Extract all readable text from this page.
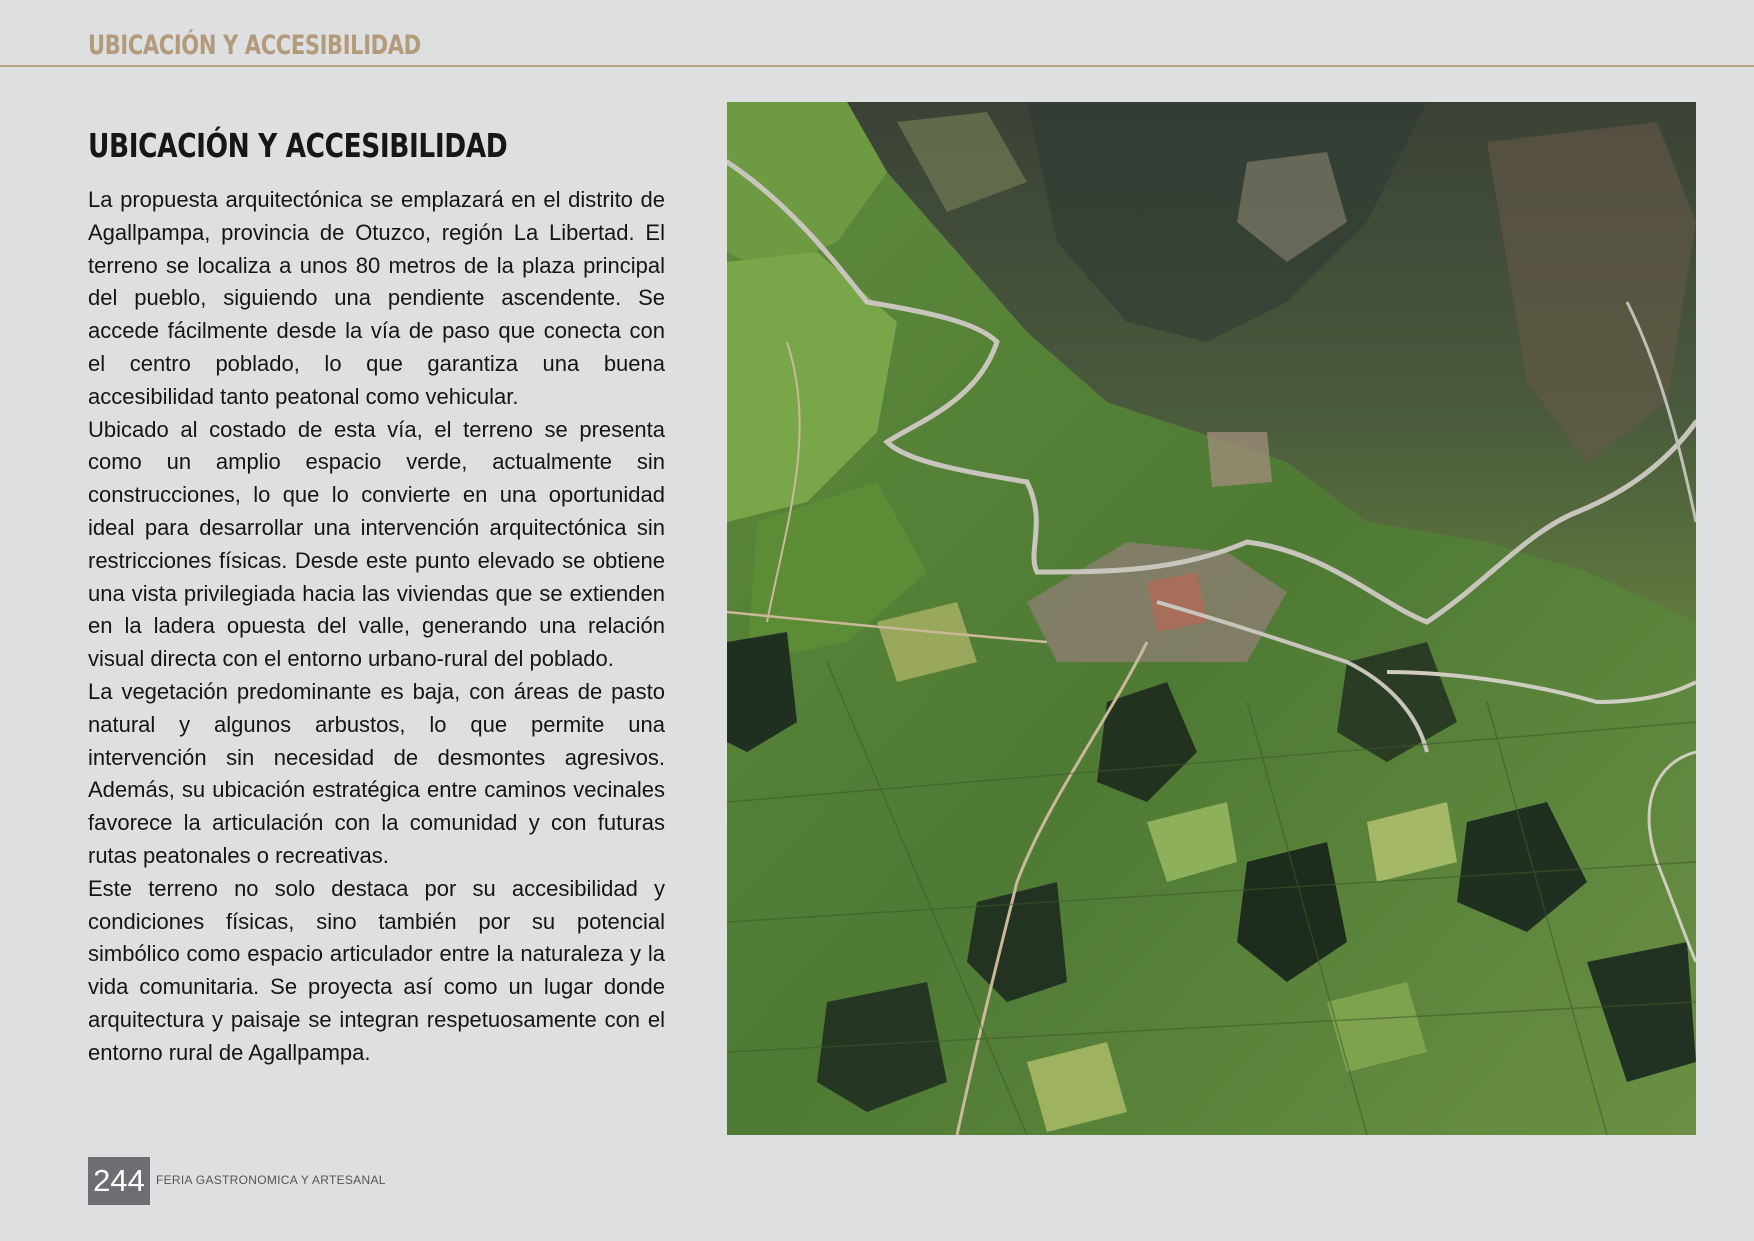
UBICACIÓN Y ACCESIBILIDAD
UBICACIÓN Y ACCESIBILIDAD

La propuesta arquitectónica se emplazará en el distrito de Agallpampa, provincia de Otuzco, región La Libertad. El terreno se localiza a unos 80 metros de la plaza principal del pueblo, siguiendo una pendiente ascendente. Se accede fácilmente desde la vía de paso que conecta con el centro poblado, lo que garantiza una buena accesibilidad tanto peatonal como vehicular.

Ubicado al costado de esta vía, el terreno se presenta como un amplio espacio verde, actualmente sin construcciones, lo que lo convierte en una oportunidad ideal para desarrollar una intervención arquitectónica sin restricciones físicas. Desde este punto elevado se obtiene una vista privilegiada hacia las viviendas que se extienden en la ladera opuesta del valle, generando una relación visual directa con el entorno urbano-rural del poblado.

La vegetación predominante es baja, con áreas de pasto natural y algunos arbustos, lo que permite una intervención sin necesidad de desmontes agresivos. Además, su ubicación estratégica entre caminos vecinales favorece la articulación con la comunidad y con futuras rutas peatonales o recreativas.

Este terreno no solo destaca por su accesibilidad y condiciones físicas, sino también por su potencial simbólico como espacio articulador entre la naturaleza y la vida comunitaria. Se proyecta así como un lugar donde arquitectura y paisaje se integran respetuosamente con el entorno rural de Agallpampa.

244 FERIA GASTRONOMICA Y ARTESANAL
